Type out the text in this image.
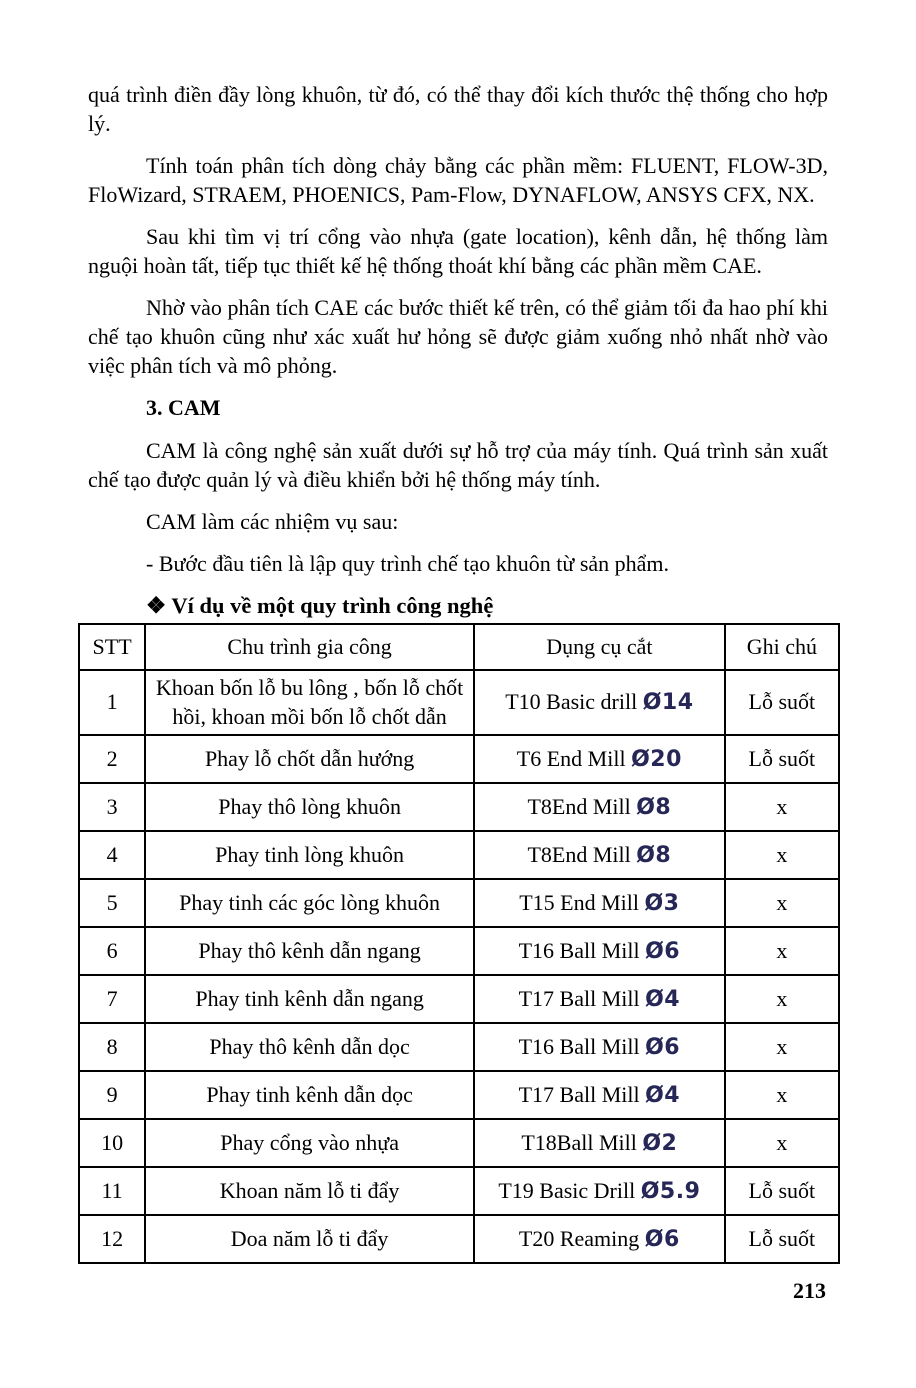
quá trình điền đầy lòng khuôn, từ đó, có thể thay đổi kích thước thệ thống cho hợp lý.

Tính toán phân tích dòng chảy bằng các phần mềm: FLUENT, FLOW-3D, FloWizard, STRAEM, PHOENICS, Pam-Flow, DYNAFLOW, ANSYS CFX, NX.

Sau khi tìm vị trí cổng vào nhựa (gate location), kênh dẫn, hệ thống làm nguội hoàn tất, tiếp tục thiết kế hệ thống thoát khí bằng các phần mềm CAE.

Nhờ vào phân tích CAE các bước thiết kế trên, có thể giảm tối đa hao phí khi chế tạo khuôn cũng như xác xuất hư hỏng sẽ được giảm xuống nhỏ nhất nhờ vào việc phân tích và mô phỏng.

3. CAM

CAM là công nghệ sản xuất dưới sự hỗ trợ của máy tính. Quá trình sản xuất chế tạo được quản lý và điều khiển bởi hệ thống máy tính.

CAM làm các nhiệm vụ sau:

- Bước đầu tiên là lập quy trình chế tạo khuôn từ sản phẩm.

❖ Ví dụ về một quy trình công nghệ
STT	Chu trình gia công	Dụng cụ cắt	Ghi chú
1	Khoan bốn lỗ bu lông , bốn lỗ chốt hồi, khoan mồi bốn lỗ chốt dẫn	T10 Basic drill Ø14	Lỗ suốt
2	Phay lỗ chốt dẫn hướng	T6 End Mill Ø20	Lỗ suốt
3	Phay thô lòng khuôn	T8End Mill Ø8	x
4	Phay tinh lòng khuôn	T8End Mill Ø8	x
5	Phay tinh các góc lòng khuôn	T15 End Mill Ø3	x
6	Phay thô kênh dẫn ngang	T16 Ball Mill Ø6	x
7	Phay tinh kênh dẫn ngang	T17 Ball Mill Ø4	x
8	Phay thô kênh dẫn dọc	T16 Ball Mill Ø6	x
9	Phay tinh kênh dẫn dọc	T17 Ball Mill Ø4	x
10	Phay cổng vào nhựa	T18Ball Mill Ø2	x
11	Khoan năm lỗ ti đẩy	T19 Basic Drill Ø5.9	Lỗ suốt
12	Doa năm lỗ ti đẩy	T20 Reaming Ø6	Lỗ suốt
213
